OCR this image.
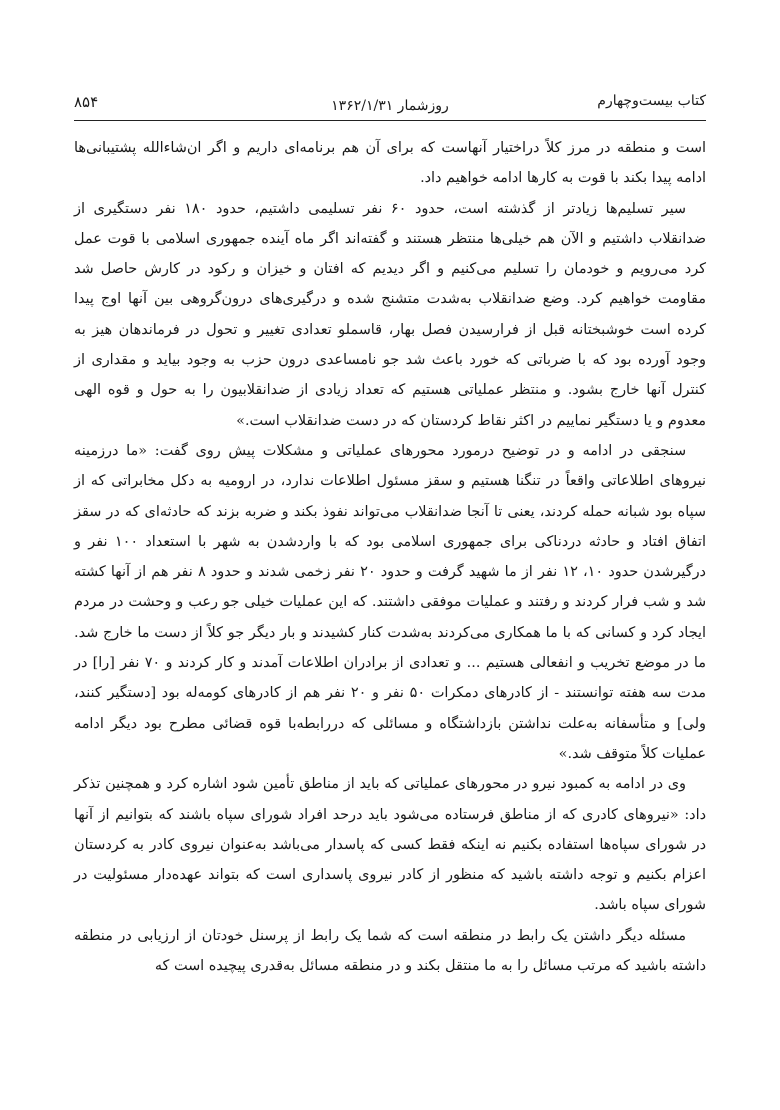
کتاب بیست‌وچهارم
روزشمار ۱۳۶۲/۱/۳۱
۸۵۴

است و منطقه در مرز کلاً دراختیار آنهاست که برای آن هم برنامه‌ای داریم و اگر ان‌شاءالله پشتیبانی‌ها ادامه پیدا بکند با قوت به کارها ادامه خواهیم داد.

سیر تسلیم‌ها زیادتر از گذشته است، حدود ۶۰ نفر تسلیمی داشتیم، حدود ۱۸۰ نفر دستگیری از ضدانقلاب داشتیم و الآن هم خیلی‌ها منتظر هستند و گفته‌اند اگر ماه آینده جمهوری اسلامی با قوت عمل کرد می‌رویم و خودمان را تسلیم می‌کنیم و اگر دیدیم که افتان و خیزان و رکود در کارش حاصل شد مقاومت خواهیم کرد. وضع ضدانقلاب به‌شدت متشنج شده و درگیری‌های درون‌گروهی بین آنها اوج پیدا کرده است خوشبختانه قبل از فرارسیدن فصل بهار، قاسملو تعدادی تغییر و تحول در فرماندهان هیز به وجود آورده بود که با ضرباتی که خورد باعث شد جو نامساعدی درون حزب به وجود بیاید و مقداری از کنترل آنها خارج بشود. و منتظر عملیاتی هستیم که تعداد زیادی از ضدانقلابیون را به حول و قوه الهی معدوم و یا دستگیر نماییم در اکثر نقاط کردستان که در دست ضدانقلاب است.»

سنجقی در ادامه و در توضیح درمورد محورهای عملیاتی و مشکلات پیش روی گفت: «ما درزمینه نیروهای اطلاعاتی واقعاً در تنگنا هستیم و سقز مسئول اطلاعات ندارد، در ارومیه به دکل مخابراتی که از سپاه بود شبانه حمله کردند، یعنی تا آنجا ضدانقلاب می‌تواند نفوذ بکند و ضربه بزند که حادثه‌ای که در سقز اتفاق افتاد و حادثه دردناکی برای جمهوری اسلامی بود که با واردشدن به شهر با استعداد ۱۰۰ نفر و درگیرشدن حدود ۱۰، ۱۲ نفر از ما شهید گرفت و حدود ۲۰ نفر زخمی شدند و حدود ۸ نفر هم از آنها کشته شد و شب فرار کردند و رفتند و عملیات موفقی داشتند. که این عملیات خیلی جو رعب و وحشت در مردم ایجاد کرد و کسانی که با ما همکاری می‌کردند به‌شدت کنار کشیدند و بار دیگر جو کلاً از دست ما خارج شد. ما در موضع تخریب و انفعالی هستیم ... و تعدادی از برادران اطلاعات آمدند و کار کردند و ۷۰ نفر [را] در مدت سه هفته توانستند - از کادرهای دمکرات ۵۰ نفر و ۲۰ نفر هم از کادرهای کومه‌له بود [دستگیر کنند، ولی] و متأسفانه به‌علت نداشتن بازداشتگاه و مسائلی که دررابطه‌با قوه قضائی مطرح بود دیگر ادامه عملیات کلاً متوقف شد.»

وی در ادامه به کمبود نیرو در محورهای عملیاتی که باید از مناطق تأمین شود اشاره کرد و همچنین تذکر داد: «نیروهای کادری که از مناطق فرستاده می‌شود باید درحد افراد شورای سپاه باشند که بتوانیم از آنها در شورای سپاه‌ها استفاده بکنیم نه اینکه فقط کسی که پاسدار می‌باشد به‌عنوان نیروی کادر به کردستان اعزام بکنیم و توجه داشته باشید که منظور از کادر نیروی پاسداری است که بتواند عهده‌دار مسئولیت در شورای سپاه باشد.

مسئله دیگر داشتن یک رابط در منطقه است که شما یک رابط از پرسنل خودتان از ارزیابی در منطقه داشته باشید که مرتب مسائل را به ما منتقل بکند و در منطقه مسائل به‌قدری پیچیده است که
